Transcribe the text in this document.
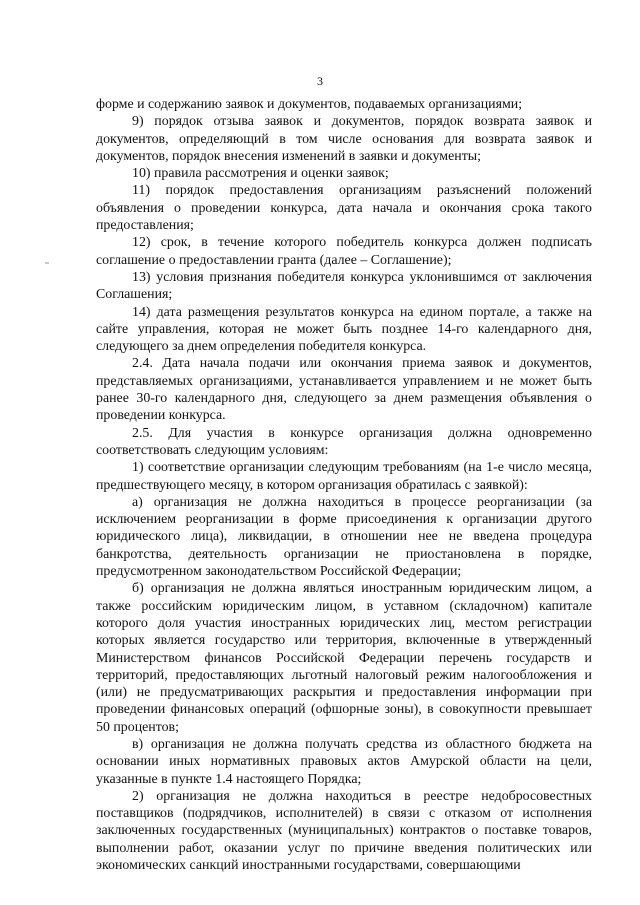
3

форме и содержанию заявок и документов, подаваемых организациями;

9) порядок отзыва заявок и документов, порядок возврата заявок и документов, определяющий в том числе основания для возврата заявок и документов, порядок внесения изменений в заявки и документы;

10) правила рассмотрения и оценки заявок;

11) порядок предоставления организациям разъяснений положений объявления о проведении конкурса, дата начала и окончания срока такого предоставления;

12) срок, в течение которого победитель конкурса должен подписать соглашение о предоставлении гранта (далее – Соглашение);

13) условия признания победителя конкурса уклонившимся от заключения Соглашения;

14) дата размещения результатов конкурса на едином портале, а также на сайте управления, которая не может быть позднее 14-го календарного дня, следующего за днем определения победителя конкурса.

2.4. Дата начала подачи или окончания приема заявок и документов, представляемых организациями, устанавливается управлением и не может быть ранее 30-го календарного дня, следующего за днем размещения объявления о проведении конкурса.

2.5. Для участия в конкурсе организация должна одновременно соответствовать следующим условиям:

1) соответствие организации следующим требованиям (на 1-е число месяца, предшествующего месяцу, в котором организация обратилась с заявкой):

а) организация не должна находиться в процессе реорганизации (за исключением реорганизации в форме присоединения к организации другого юридического лица), ликвидации, в отношении нее не введена процедура банкротства, деятельность организации не приостановлена в порядке, предусмотренном законодательством Российской Федерации;

б) организация не должна являться иностранным юридическим лицом, а также российским юридическим лицом, в уставном (складочном) капитале которого доля участия иностранных юридических лиц, местом регистрации которых является государство или территория, включенные в утвержденный Министерством финансов Российской Федерации перечень государств и территорий, предоставляющих льготный налоговый режим налогообложения и (или) не предусматривающих раскрытия и предоставления информации при проведении финансовых операций (офшорные зоны), в совокупности превышает 50 процентов;

в) организация не должна получать средства из областного бюджета на основании иных нормативных правовых актов Амурской области на цели, указанные в пункте 1.4 настоящего Порядка;

2) организация не должна находиться в реестре недобросовестных поставщиков (подрядчиков, исполнителей) в связи с отказом от исполнения заключенных государственных (муниципальных) контрактов о поставке товаров, выполнении работ, оказании услуг по причине введения политических или экономических санкций иностранными государствами, совершающими
